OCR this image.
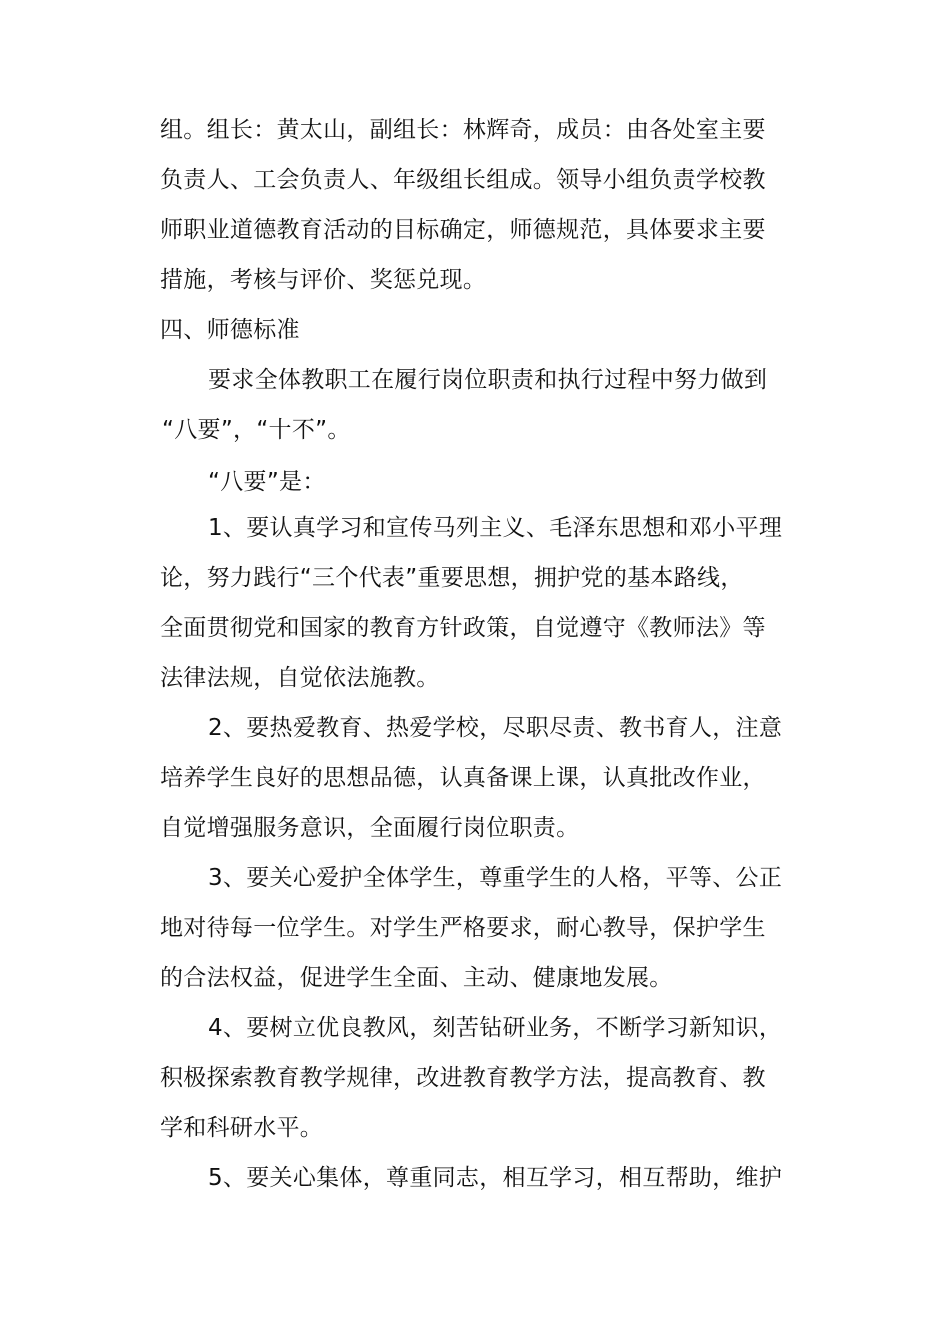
组。组长：黄太山，副组长：林辉奇，成员：由各处室主要
负责人、工会负责人、年级组长组成。领导小组负责学校教
师职业道德教育活动的目标确定，师德规范，具体要求主要
措施，考核与评价、奖惩兑现。
四、师德标准
要求全体教职工在履行岗位职责和执行过程中努力做到
“八要”，“十不”。
“八要”是：
1、要认真学习和宣传马列主义、毛泽东思想和邓小平理
论，努力践行“三个代表”重要思想，拥护党的基本路线，
全面贯彻党和国家的教育方针政策，自觉遵守《教师法》等
法律法规，自觉依法施教。
2、要热爱教育、热爱学校，尽职尽责、教书育人，注意
培养学生良好的思想品德，认真备课上课，认真批改作业，
自觉增强服务意识，全面履行岗位职责。
3、要关心爱护全体学生，尊重学生的人格，平等、公正
地对待每一位学生。对学生严格要求，耐心教导，保护学生
的合法权益，促进学生全面、主动、健康地发展。
4、要树立优良教风，刻苦钻研业务，不断学习新知识，
积极探索教育教学规律，改进教育教学方法，提高教育、教
学和科研水平。
5、要关心集体，尊重同志，相互学习，相互帮助，维护
